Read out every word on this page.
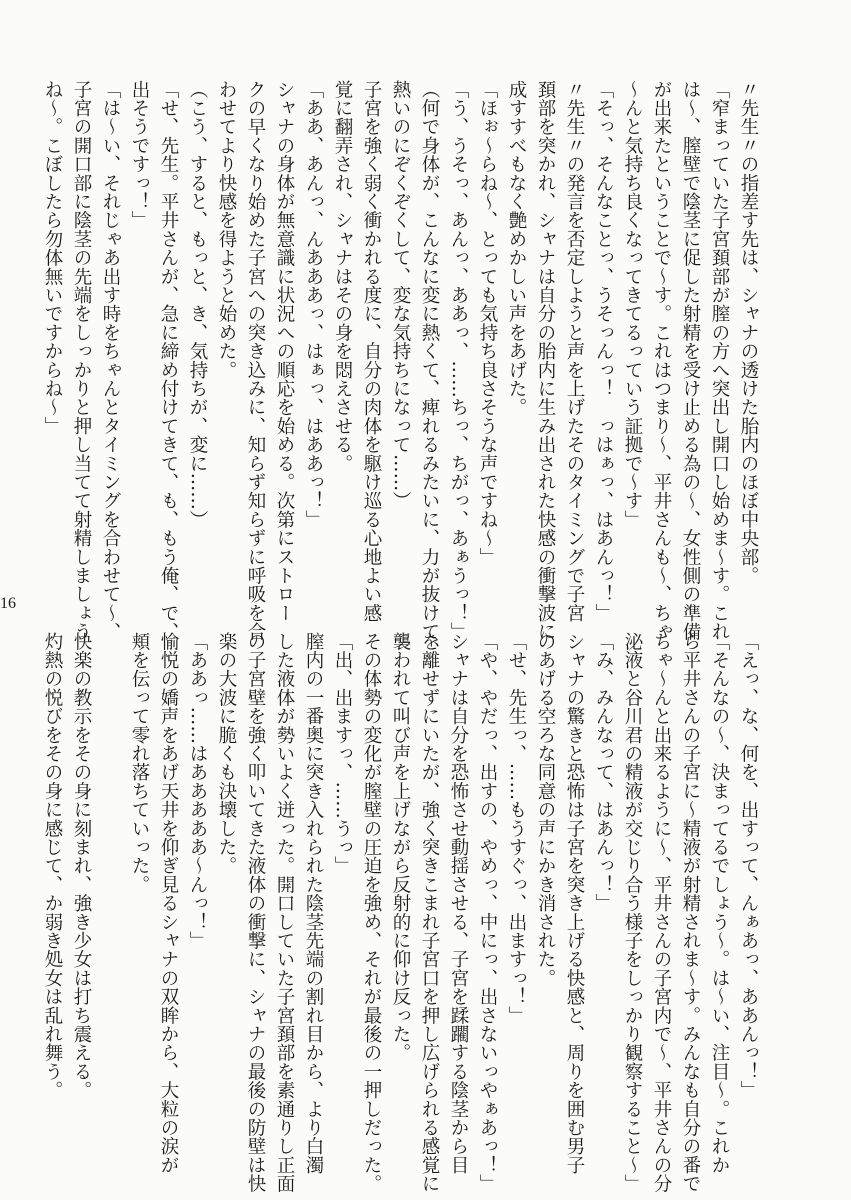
〃先生〃の指差す先は、シャナの透けた胎内のほぼ中央部。
「窄まっていた子宮頚部が膣の方へ突出し開口し始めま～す。これ
は～、膣壁で陰茎に促した射精を受け止める為の～、女性側の準備
が出来たということで～す。これはつまり～、平井さんも～、ちゃ
～んと気持ち良くなってきてるっていう証拠で～す」
「そっ、そんなことっ、うそっんっ！　っはぁっ、はあんっ！」
〃先生〃の発言を否定しようと声を上げたそのタイミングで子宮
頚部を突かれ、シャナは自分の胎内に生み出された快感の衝撃波に
成すすべもなく艶めかしい声をあげた。
「ほぉ～らね～、とっても気持ち良さそうな声ですね～」
「う、うそっ、あんっ、ああっ、……ちっ、ちがっ、あぁうっ！」
（何で身体が、こんなに変に熱くて、痺れるみたいに、力が抜けて、
熱いのにぞくぞくして、変な気持ちになって……）
子宮を強く弱く衝かれる度に、自分の肉体を駆け巡る心地よい感
覚に翻弄され、シャナはその身を悶えさせる。
「ああ、あんっ、んあああっ、はぁっ、はああっ！」
シャナの身体が無意識に状況への順応を始める。次第にストロー
クの早くなり始めた子宮への突き込みに、知らず知らずに呼吸を合
わせてより快感を得ようと始めた。
（こう、すると、もっと、き、気持ちが、変に……）
「せ、先生。平井さんが、急に締め付けてきて、も、もう俺、で、
出そうですっ！」
「は～い、それじゃあ出す時をちゃんとタイミングを合わせて～、
子宮の開口部に陰茎の先端をしっかりと押し当てて射精しましょう
ね～。こぼしたら勿体無いですからね～」
16
「えっ、な、何を、出すって、んぁあっ、ああんっ！」
「そんなの～、決まってるでしょう～。は～い、注目～。これか
ら平井さんの子宮に～精液が射精されま～す。みんなも自分の番で
ちゃ～んと出来るように～、平井さんの子宮内で～、平井さんの分
泌液と谷川君の精液が交じり合う様子をしっかり観察すること～」
「み、みんなって、はあんっ！」
シャナの驚きと恐怖は子宮を突き上げる快感と、周りを囲む男子
のあげる空ろな同意の声にかき消された。
「せ、先生っ、……もうすぐっ、出ますっ！」
「や、やだっ、出すの、やめっ、中にっ、出さないっやぁあっ！」
シャナは自分を恐怖させ動揺させる、子宮を蹂躙する陰茎から目
を離せずにいたが、強く突きこまれ子宮口を押し広げられる感覚に
襲われて叫び声を上げながら反射的に仰け反った。
その体勢の変化が膣壁の圧迫を強め、それが最後の一押しだった。
「出、出ますっ、……うっ」
膣内の一番奥に突き入れられた陰茎先端の割れ目から、より白濁
した液体が勢いよく迸った。開口していた子宮頚部を素通りし正面
の子宮壁を強く叩いてきた液体の衝撃に、シャナの最後の防壁は快
楽の大波に脆くも決壊した。
「ああっ……はあああああ～んっ！」
愉悦の嬌声をあげ天井を仰ぎ見るシャナの双眸から、大粒の涙が
頬を伝って零れ落ちていった。

快楽の教示をその身に刻まれ、強き少女は打ち震える。
灼熱の悦びをその身に感じて、か弱き処女は乱れ舞う。
